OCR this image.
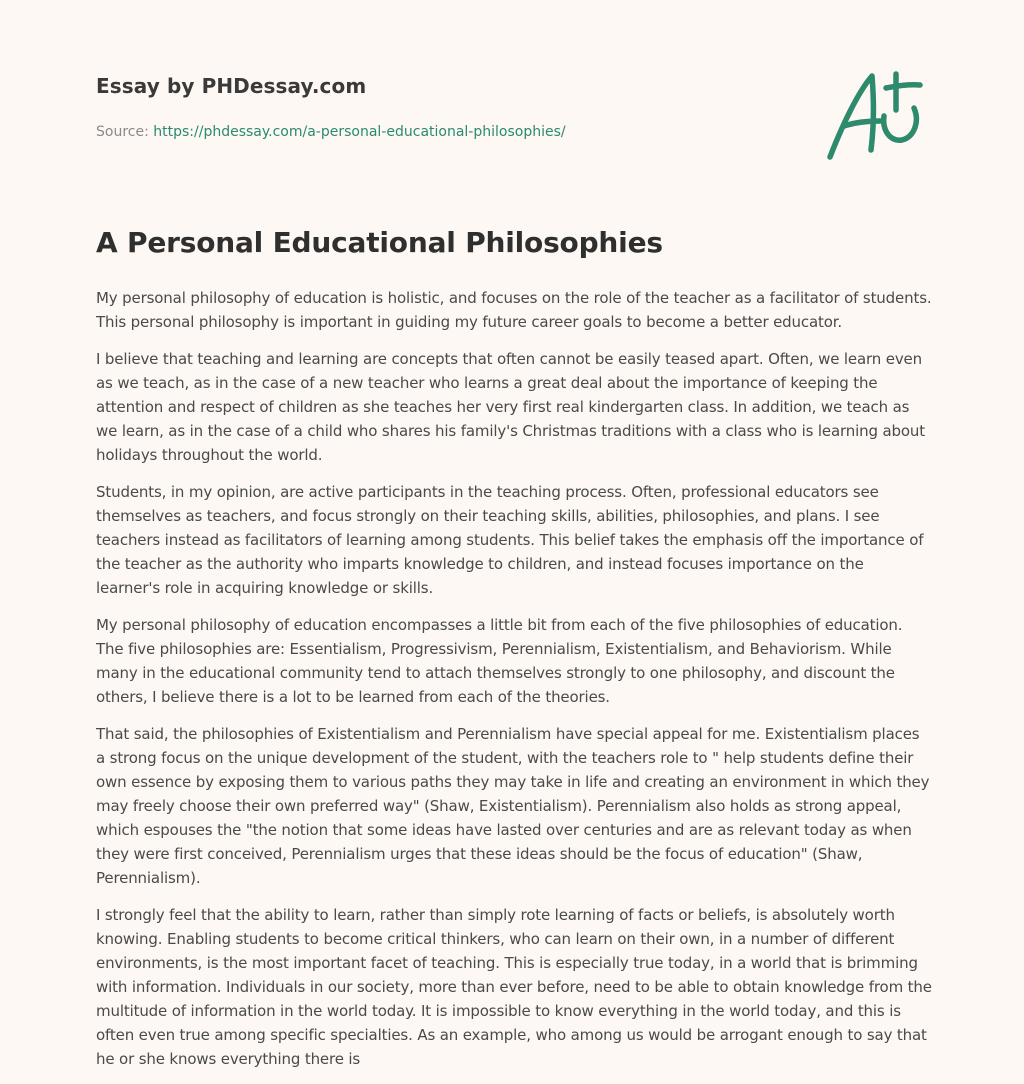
Essay by PHDessay.com
Source: https://phdessay.com/a-personal-educational-philosophies/
A Personal Educational Philosophies

My personal philosophy of education is holistic, and focuses on the role of the teacher as a facilitator of students. This personal philosophy is important in guiding my future career goals to become a better educator.

I believe that teaching and learning are concepts that often cannot be easily teased apart. Often, we learn even as we teach, as in the case of a new teacher who learns a great deal about the importance of keeping the attention and respect of children as she teaches her very first real kindergarten class. In addition, we teach as we learn, as in the case of a child who shares his family's Christmas traditions with a class who is learning about holidays throughout the world.

Students, in my opinion, are active participants in the teaching process. Often, professional educators see themselves as teachers, and focus strongly on their teaching skills, abilities, philosophies, and plans. I see teachers instead as facilitators of learning among students. This belief takes the emphasis off the importance of the teacher as the authority who imparts knowledge to children, and instead focuses importance on the learner's role in acquiring knowledge or skills.

My personal philosophy of education encompasses a little bit from each of the five philosophies of education. The five philosophies are: Essentialism, Progressivism, Perennialism, Existentialism, and Behaviorism. While many in the educational community tend to attach themselves strongly to one philosophy, and discount the others, I believe there is a lot to be learned from each of the theories.

That said, the philosophies of Existentialism and Perennialism have special appeal for me. Existentialism places a strong focus on the unique development of the student, with the teachers role to " help students define their own essence by exposing them to various paths they may take in life and creating an environment in which they may freely choose their own preferred way" (Shaw, Existentialism). Perennialism also holds as strong appeal, which espouses the "the notion that some ideas have lasted over centuries and are as relevant today as when they were first conceived, Perennialism urges that these ideas should be the focus of education" (Shaw, Perennialism).

I strongly feel that the ability to learn, rather than simply rote learning of facts or beliefs, is absolutely worth knowing. Enabling students to become critical thinkers, who can learn on their own, in a number of different environments, is the most important facet of teaching. This is especially true today, in a world that is brimming with information. Individuals in our society, more than ever before, need to be able to obtain knowledge from the multitude of information in the world today. It is impossible to know everything in the world today, and this is often even true among specific specialties. As an example, who among us would be arrogant enough to say that he or she knows everything there is
